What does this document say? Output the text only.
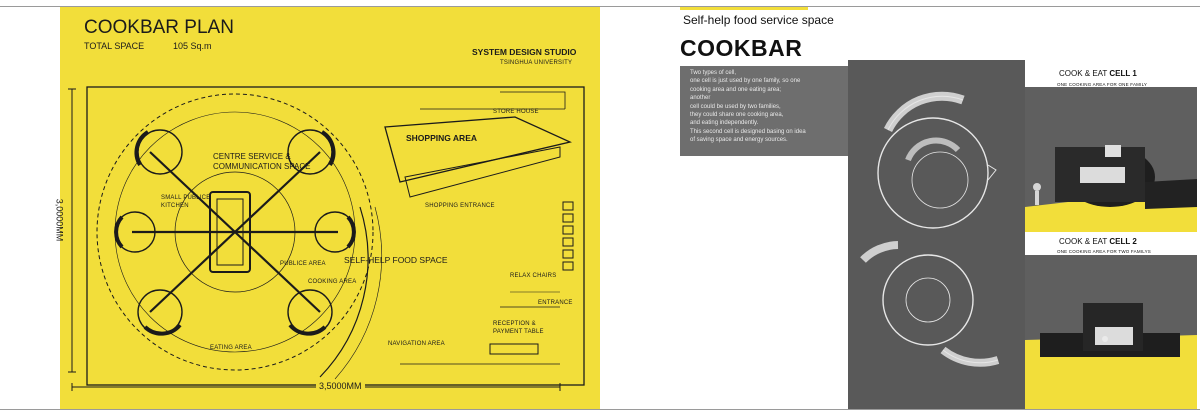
COOKBAR PLAN
TOTAL SPACE	105 Sq.m
SYSTEM DESIGN STUDIO
TSINGHUA UNIVERSITY
3,0000MM
3,5000MM
STORE HOUSE
SHOPPING AREA
CENTRE SERVICE &
COMMUNICATION SPACE
SHOPPING ENTRANCE
SMALL PUBLICE
KITCHEN
PUBLICE AREA SELF-HELP FOOD SPACE
COOKING AREA
RELAX CHAIRS
ENTRANCE
RECEPTION &
PAYMENT TABLE
NAVIGATION AREA
EATING AREA
Self-help food service space
COOKBAR
Two types of cell,
one cell is just used by one family, so one
cooking area and one eating area;
another
cell could be used by two families,
they could share one cooking area,
and eating independently.
This second cell is designed basing on idea
of saving space and energy sources.
COOK & EAT CELL 1
ONE COOKING AREA FOR ONE FAMILY
COOK & EAT CELL 2
ONE COOKING AREA FOR TWO FAMILYS
